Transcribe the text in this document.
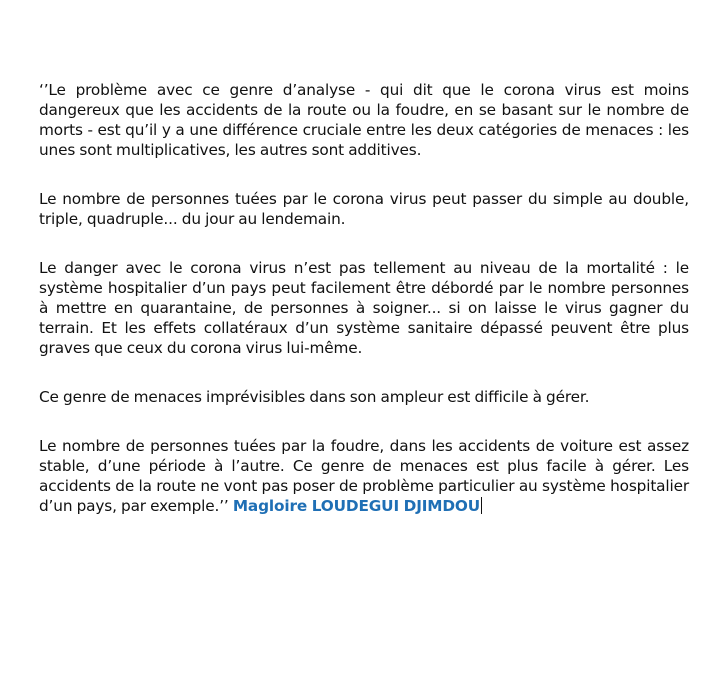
‘’Le problème avec ce genre d’analyse - qui dit que le corona virus est moins dangereux que les accidents de la route ou la foudre, en se basant sur le nombre de morts - est qu’il y a une différence cruciale entre les deux catégories de menaces : les unes sont multiplicatives, les autres sont additives.

Le nombre de personnes tuées par le corona virus peut passer du simple au double, triple, quadruple... du jour au lendemain.

Le danger avec le corona virus n’est pas tellement au niveau de la mortalité : le système hospitalier d’un pays peut facilement être débordé par le nombre personnes à mettre en quarantaine, de personnes à soigner... si on laisse le virus gagner du terrain. Et les effets collatéraux d’un système sanitaire dépassé peuvent être plus graves que ceux du corona virus lui-même.

Ce genre de menaces imprévisibles dans son ampleur est difficile à gérer.

Le nombre de personnes tuées par la foudre, dans les accidents de voiture est assez stable, d’une période à l’autre. Ce genre de menaces est plus facile à gérer. Les accidents de la route ne vont pas poser de problème particulier au système hospitalier d’un pays, par exemple.’’ Magloire LOUDEGUI DJIMDOU
